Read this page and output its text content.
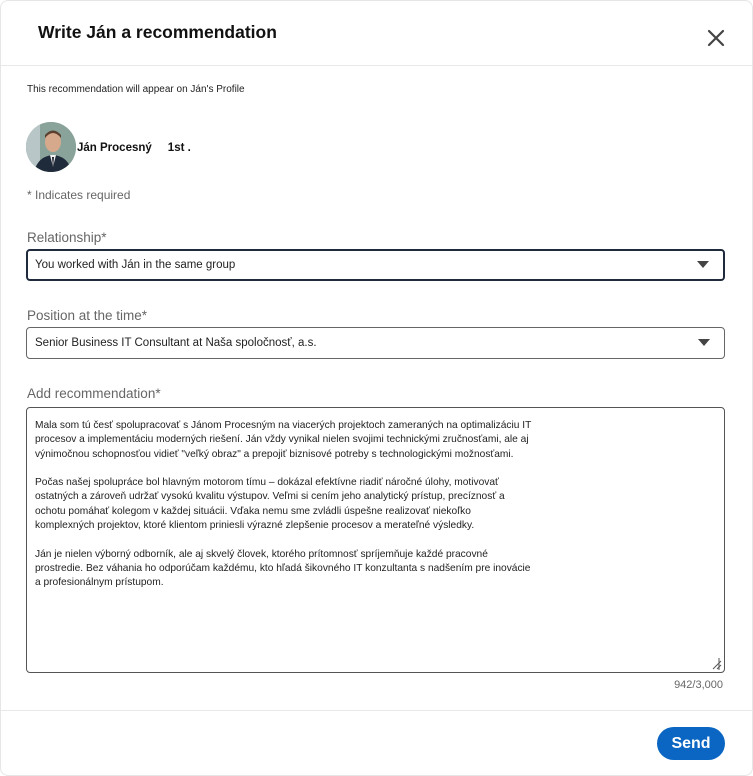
Write Ján a recommendation
This recommendation will appear on Ján's Profile
Ján Procesný 1st .
* Indicates required
Relationship*
You worked with Ján in the same group
Position at the time*
Senior Business IT Consultant at Naša spoločnosť, a.s.
Add recommendation*

Mala som tú česť spolupracovať s Jánom Procesným na viacerých projektoch zameraných na optimalizáciu IT
procesov a implementáciu moderných riešení. Ján vždy vynikal nielen svojimi technickými zručnosťami, ale aj
výnimočnou schopnosťou vidieť "veľký obraz" a prepojiť biznisové potreby s technologickými možnosťami.

Počas našej spolupráce bol hlavným motorom tímu – dokázal efektívne riadiť náročné úlohy, motivovať
ostatných a zároveň udržať vysokú kvalitu výstupov. Veľmi si cením jeho analytický prístup, precíznosť a
ochotu pomáhať kolegom v každej situácii. Vďaka nemu sme zvládli úspešne realizovať niekoľko
komplexných projektov, ktoré klientom priniesli výrazné zlepšenie procesov a merateľné výsledky.

Ján je nielen výborný odborník, ale aj skvelý človek, ktorého prítomnosť spríjemňuje každé pracovné
prostredie. Bez váhania ho odporúčam každému, kto hľadá šikovného IT konzultanta s nadšením pre inovácie
a profesionálnym prístupom.

942/3,000
Send
